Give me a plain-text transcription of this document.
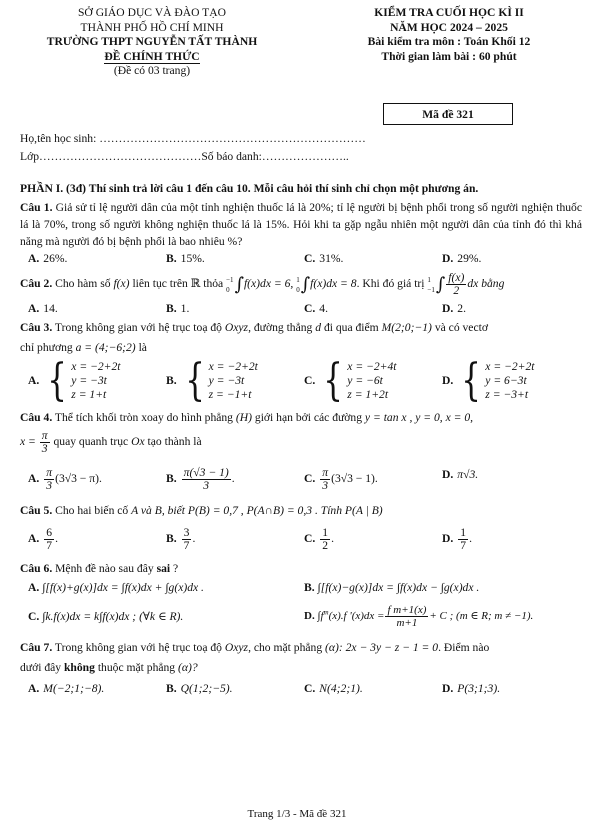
SỞ GIÁO DỤC VÀ ĐÀO TẠO
THÀNH PHỐ HỒ CHÍ MINH
TRƯỜNG THPT NGUYỄN TẤT THÀNH
ĐỀ CHÍNH THỨC
(Đề có 03 trang)
KIỂM TRA CUỐI HỌC KÌ II
NĂM HỌC 2024 – 2025
Bài kiểm tra môn : Toán Khối 12
Thời gian làm bài : 60 phút
Mã đề 321
Họ,tên học sinh: ……………………………………………………………
Lớp……………………………………Số báo danh:…………………..
PHẦN I. (3đ) Thí sinh trả lời câu 1 đến câu 10. Mỗi câu hỏi thí sinh chỉ chọn một phương án.
Câu 1. Giả sử tỉ lệ người dân của một tỉnh nghiện thuốc lá là 20%; tỉ lệ người bị bệnh phổi trong số người nghiện thuốc lá là 70%, trong số người không nghiện thuốc lá là 15%. Hỏi khi ta gặp ngẫu nhiên một người dân của tỉnh đó thì khả năng mà người đó bị bệnh phổi là bao nhiêu %?
A. 26%.	B. 15%.	C. 31%.	D. 29%.
Câu 2. Cho hàm số f(x) liên tục trên ℝ thỏa −1
0 ∫f(x)dx = 6, 1
0 ∫f(x)dx = 8. Khi đó giá trị 1
−1 ∫ $\frac{f(x)}{2}$ dx bằng
A. 14.	B. 1.	C. 4.	D. 2.
Câu 3. Trong không gian với hệ trục toạ độ Oxyz, đường thẳng d đi qua điểm M(2;0;−1) và có vectơ
chỉ phương a = (4;−6;2) là
A. { x = −2+2t
y = −3t
z = 1+t
B. { x = −2+2t
y = −3t
z = −1+t
C. { x = −2+4t
y = −6t
z = 1+2t
D. { x = −2+2t
y = 6−3t
z = −3+t
Câu 4. Thể tích khối tròn xoay do hình phẳng (H) giới hạn bởi các đường y = tan x , y = 0, x = 0,
$x = \frac{\pi}{3}$ quay quanh trục Ox tạo thành là
A. $\frac{\pi}{3} (3√3 - \pi)$.	B. $\frac{\pi(√3 - 1)}{3}$ .	C. $\frac{\pi}{3} (3√3 - 1)$.	D. π√3.
Câu 5. Cho hai biến cố A và B, biết P(B) = 0,7 , P(A∩B) = 0,3 . Tính P(A | B)
A. $\frac{6}{7}$ .	B. $\frac{3}{7}$ .	C. $\frac{1}{2}$ .	D. $\frac{1}{7}$ .
Câu 6. Mệnh đề nào sau đây sai ?
A. ∫[f(x)+g(x)]dx = ∫f(x)dx + ∫g(x)dx .	B. ∫[f(x)−g(x)]dx = ∫f(x)dx − ∫g(x)dx .
C. ∫k.f(x)dx = k∫f(x)dx ; (∀k ∈ R).	D. $\int f^m(x).f$ '$(x)dx = \frac{\text{f m+1(x)}}{m+1} + C$ ; (m ∈ R; m ≠ −1).
Câu 7. Trong không gian với hệ trục toạ độ Oxyz, cho mặt phẳng (α): 2x − 3y − z − 1 = 0. Điểm nào
dưới đây không thuộc mặt phẳng (α)?
A. M(−2;1;−8).	B. Q(1;2;−5).	C. N(4;2;1).	D. P(3;1;3).
Trang 1/3 - Mã đề 321
